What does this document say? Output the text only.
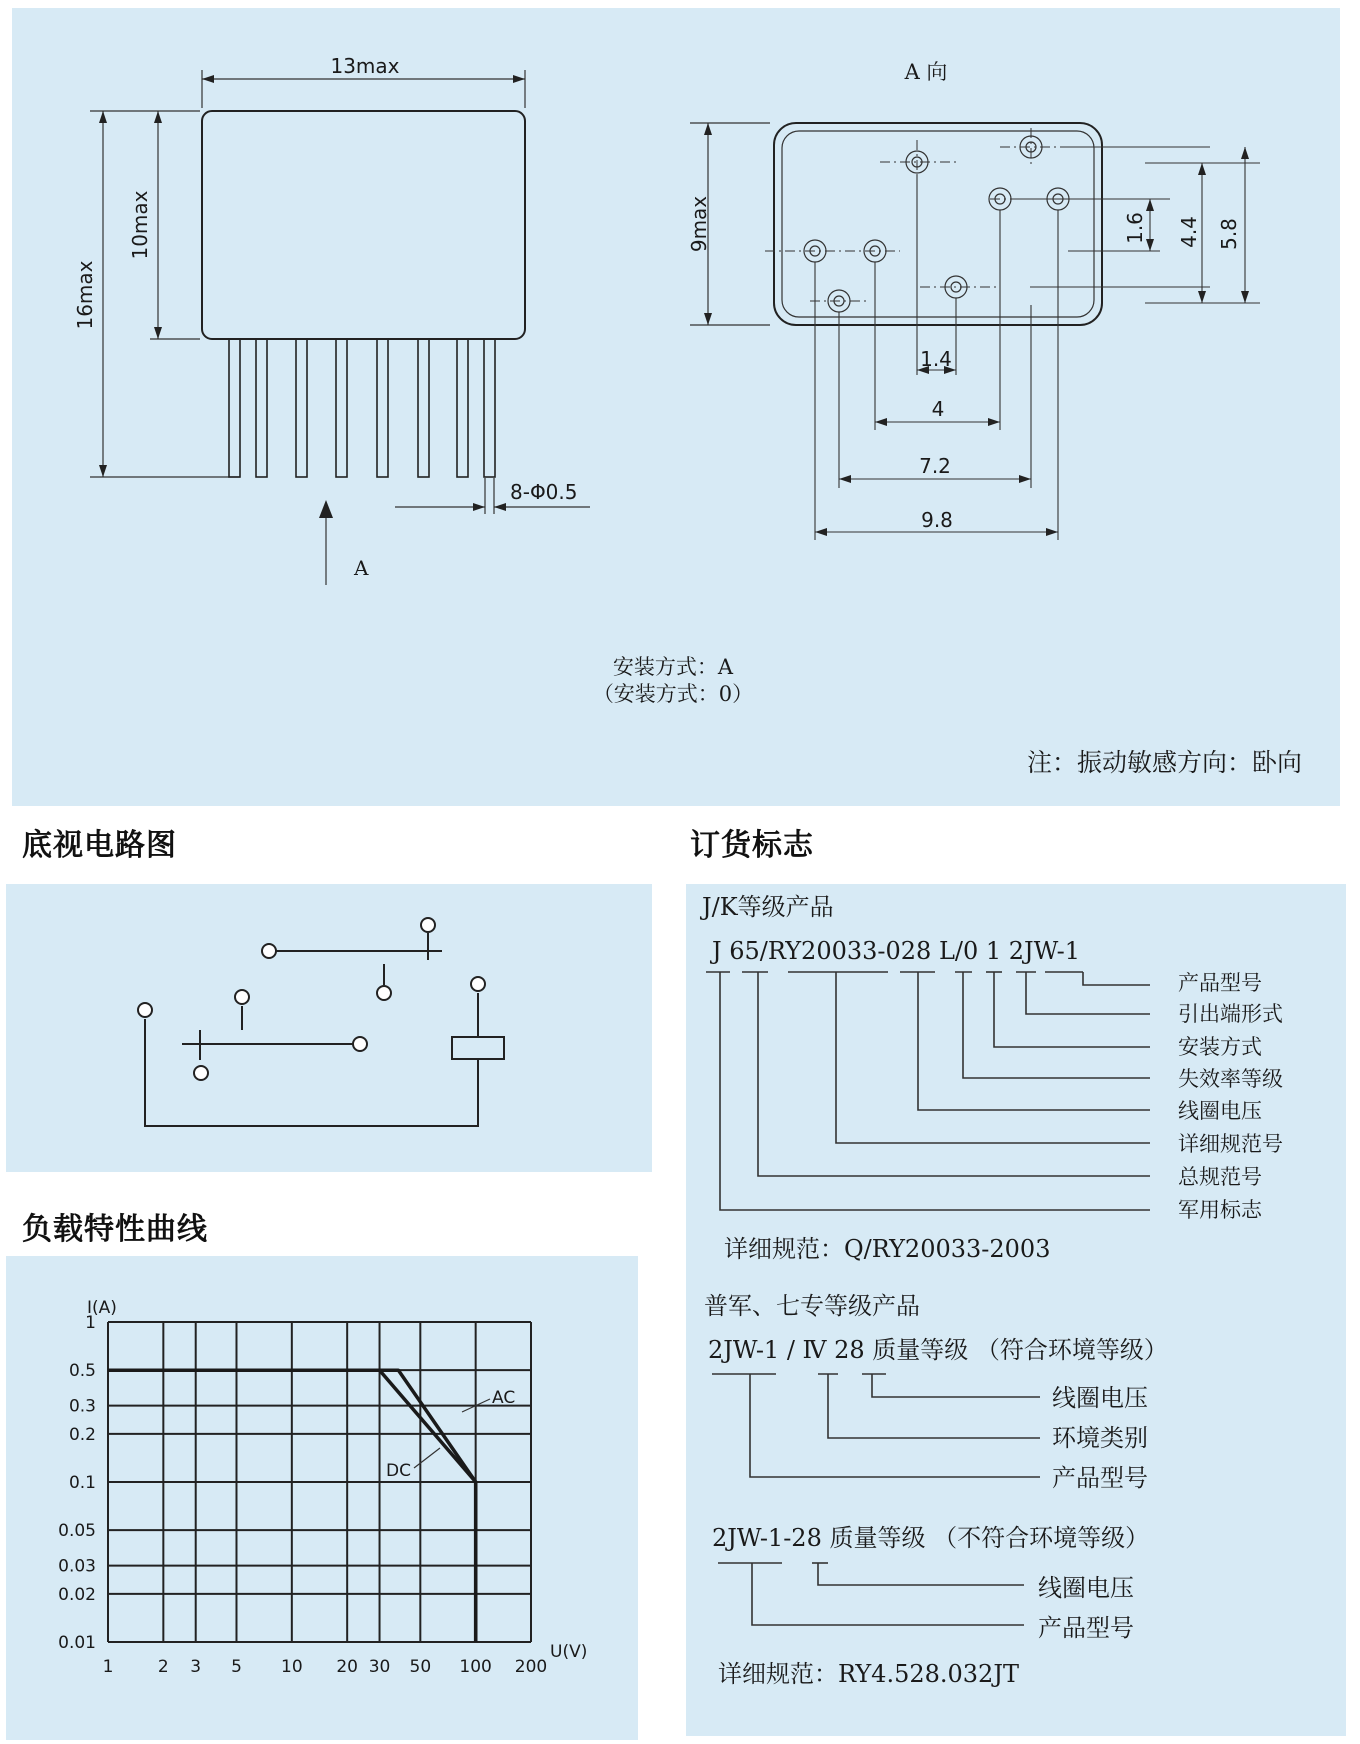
底视电路图
负载特性曲线
订货标志
13max
16max
10max
8-Φ0.5
A
A 向
9max	1.6 4.4 5.8
1.4
4
7.2
9.8
安装方式：A
（安装方式：0）
注：振动敏感方向：卧向
1	2 3 5 10 20 30 50 100 200
0.01
0.02
0.03
0.05
0.1
0.2
0.3
0.5
1
I(A)
U(V)
AC
DC
J/K等级产品
J 65/RY20033-028 L/0 1 2JW-1
产品型号
引出端形式
安装方式
失效率等级
线圈电压
详细规范号
总规范号
军用标志
详细规范：Q/RY20033-2003
普军、七专等级产品
2JW-1 / Ⅳ 28 质量等级 （符合环境等级）
线圈电压
环境类别
产品型号
2JW-1-28 质量等级 （不符合环境等级）
线圈电压
产品型号
详细规范：RY4.528.032JT
